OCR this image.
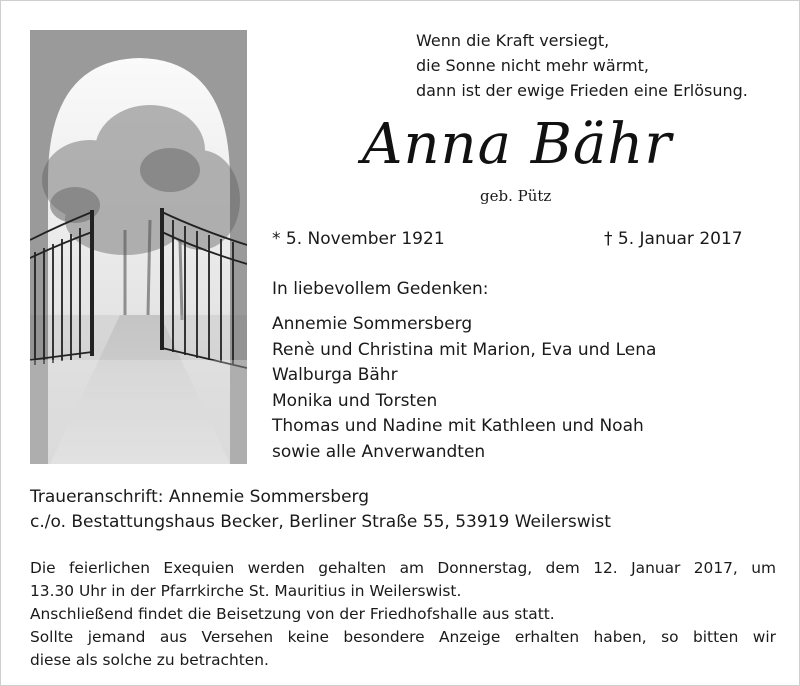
Wenn die Kraft versiegt,
die Sonne nicht mehr wärmt,
dann ist der ewige Frieden eine Erlösung.
Anna Bähr
geb. Pütz
* 5. November 1921	† 5. Januar 2017
In liebevollem Gedenken:
Annemie Sommersberg
Renè und Christina mit Marion, Eva und Lena
Walburga Bähr
Monika und Torsten
Thomas und Nadine mit Kathleen und Noah
sowie alle Anverwandten
Traueranschrift: Annemie Sommersberg
c./o. Bestattungshaus Becker, Berliner Straße 55, 53919 Weilerswist
Die feierlichen Exequien werden gehalten am Donnerstag, dem 12. Januar 2017, um
13.30 Uhr in der Pfarrkirche St. Mauritius in Weilerswist.
Anschließend findet die Beisetzung von der Friedhofshalle aus statt.
Sollte jemand aus Versehen keine besondere Anzeige erhalten haben, so bitten wir
diese als solche zu betrachten.
